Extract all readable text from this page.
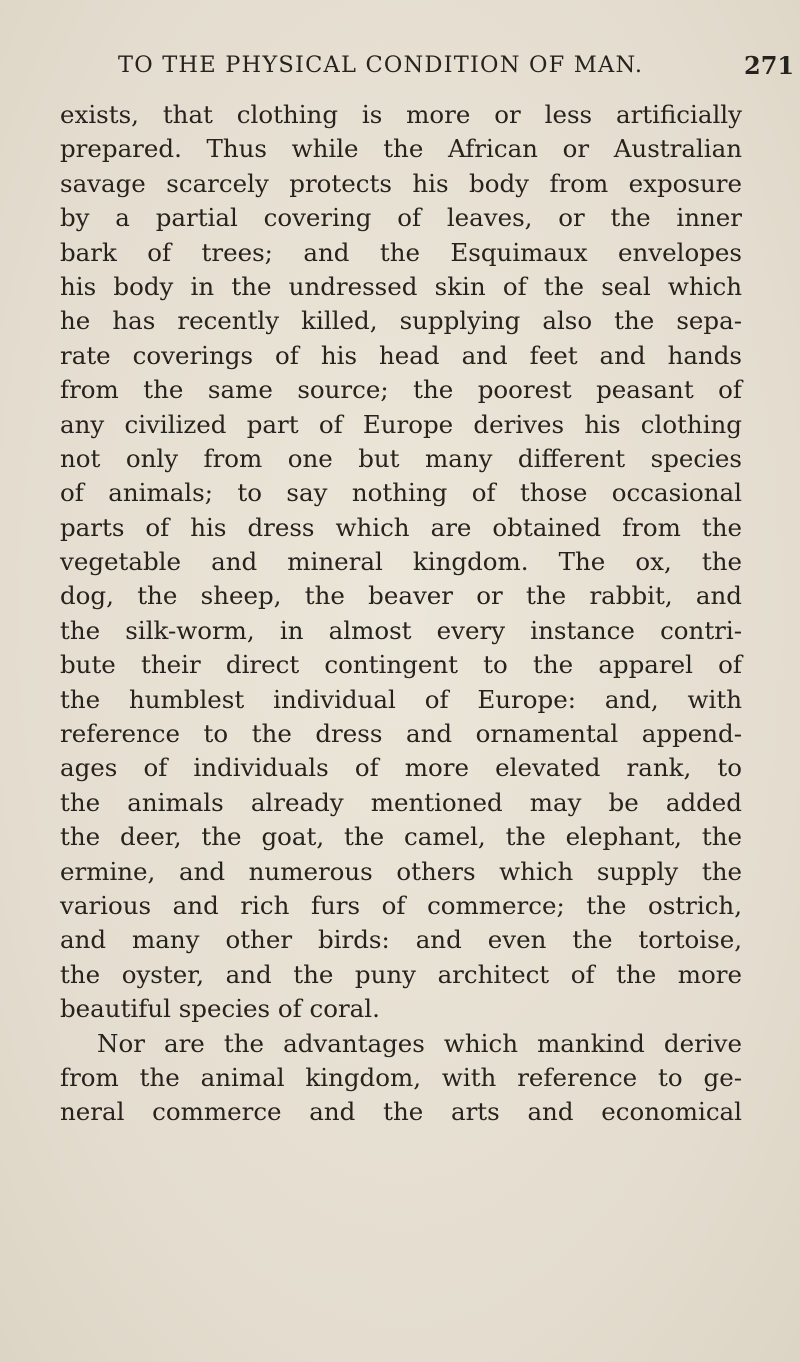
TO THE PHYSICAL CONDITION OF MAN.	271
exists, that clothing is more or less artificially
prepared. Thus while the African or Australian
savage scarcely protects his body from exposure
by a partial covering of leaves, or the inner
bark of trees; and the Esquimaux envelopes
his body in the undressed skin of the seal which
he has recently killed, supplying also the sepa-
rate coverings of his head and feet and hands
from the same source; the poorest peasant of
any civilized part of Europe derives his clothing
not only from one but many different species
of animals; to say nothing of those occasional
parts of his dress which are obtained from the
vegetable and mineral kingdom. The ox, the
dog, the sheep, the beaver or the rabbit, and
the silk-worm, in almost every instance contri-
bute their direct contingent to the apparel of
the humblest individual of Europe: and, with
reference to the dress and ornamental append-
ages of individuals of more elevated rank, to
the animals already mentioned may be added
the deer, the goat, the camel, the elephant, the
ermine, and numerous others which supply the
various and rich furs of commerce; the ostrich,
and many other birds: and even the tortoise,
the oyster, and the puny architect of the more
beautiful species of coral.
Nor are the advantages which mankind derive
from the animal kingdom, with reference to ge-
neral commerce and the arts and economical
